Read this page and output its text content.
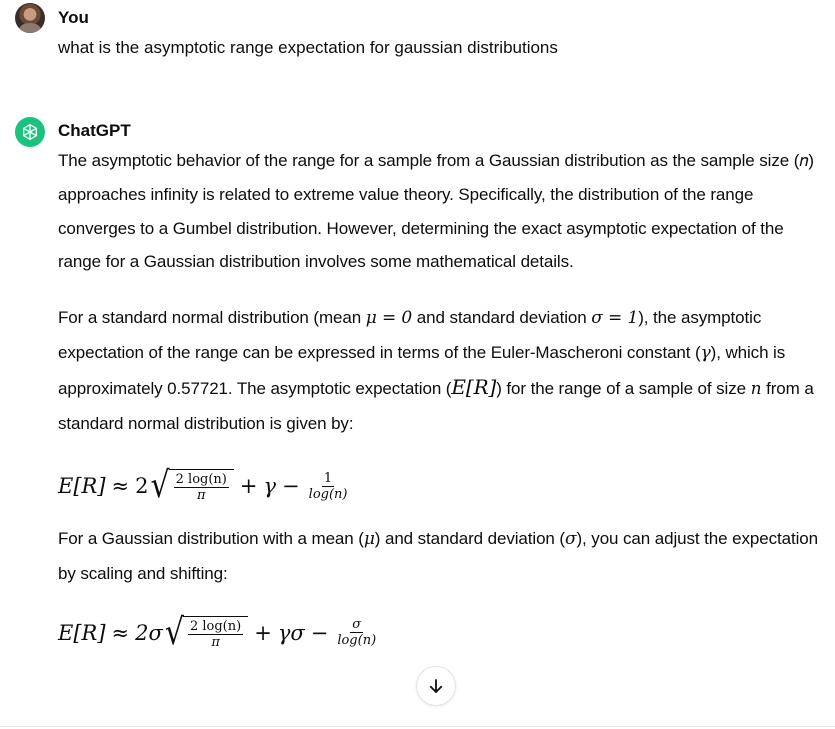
You
what is the asymptotic range expectation for gaussian distributions
ChatGPT

The asymptotic behavior of the range for a sample from a Gaussian distribution as the sample size (𝑛) approaches infinity is related to extreme value theory. Specifically, the distribution of the range converges to a Gumbel distribution. However, determining the exact asymptotic expectation of the range for a Gaussian distribution involves some mathematical details.

For a standard normal distribution (mean μ = 0 and standard deviation σ = 1), the asymptotic expectation of the range can be expressed in terms of the Euler-Mascheroni constant (γ), which is approximately 0.57721. The asymptotic expectation (E[R]) for the range of a sample of size n from a standard normal distribution is given by:

E[R] ≈ 2 √ $\frac{2 \log(n)}{\pi} + \gamma - \frac{1}{\log(n)}$

For a Gaussian distribution with a mean (μ) and standard deviation (σ), you can adjust the expectation by scaling and shifting:

E[R] ≈ 2σ √ $\frac{2 \log(n)}{\pi} + \gamma\sigma - \frac{\sigma}{\log(n)}$
